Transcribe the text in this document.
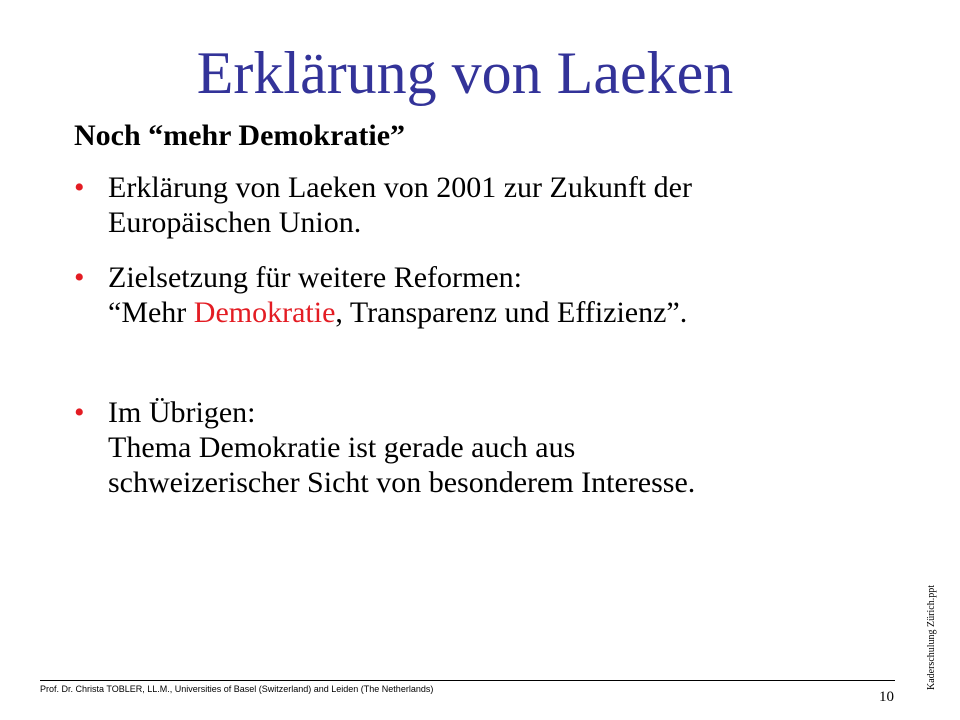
Erklärung von Laeken

Noch “mehr Demokratie”

• Erklärung von Laeken von 2001 zur Zukunft der
Europäischen Union.
• Zielsetzung für weitere Reformen:
“Mehr Demokratie, Transparenz und Effizienz”.
• Im Übrigen:
Thema Demokratie ist gerade auch aus
schweizerischer Sicht von besonderem Interesse.
Prof. Dr. Christa TOBLER, LL.M., Universities of Basel (Switzerland) and Leiden (The Netherlands)	10
Kaderschulung Zürich.ppt
